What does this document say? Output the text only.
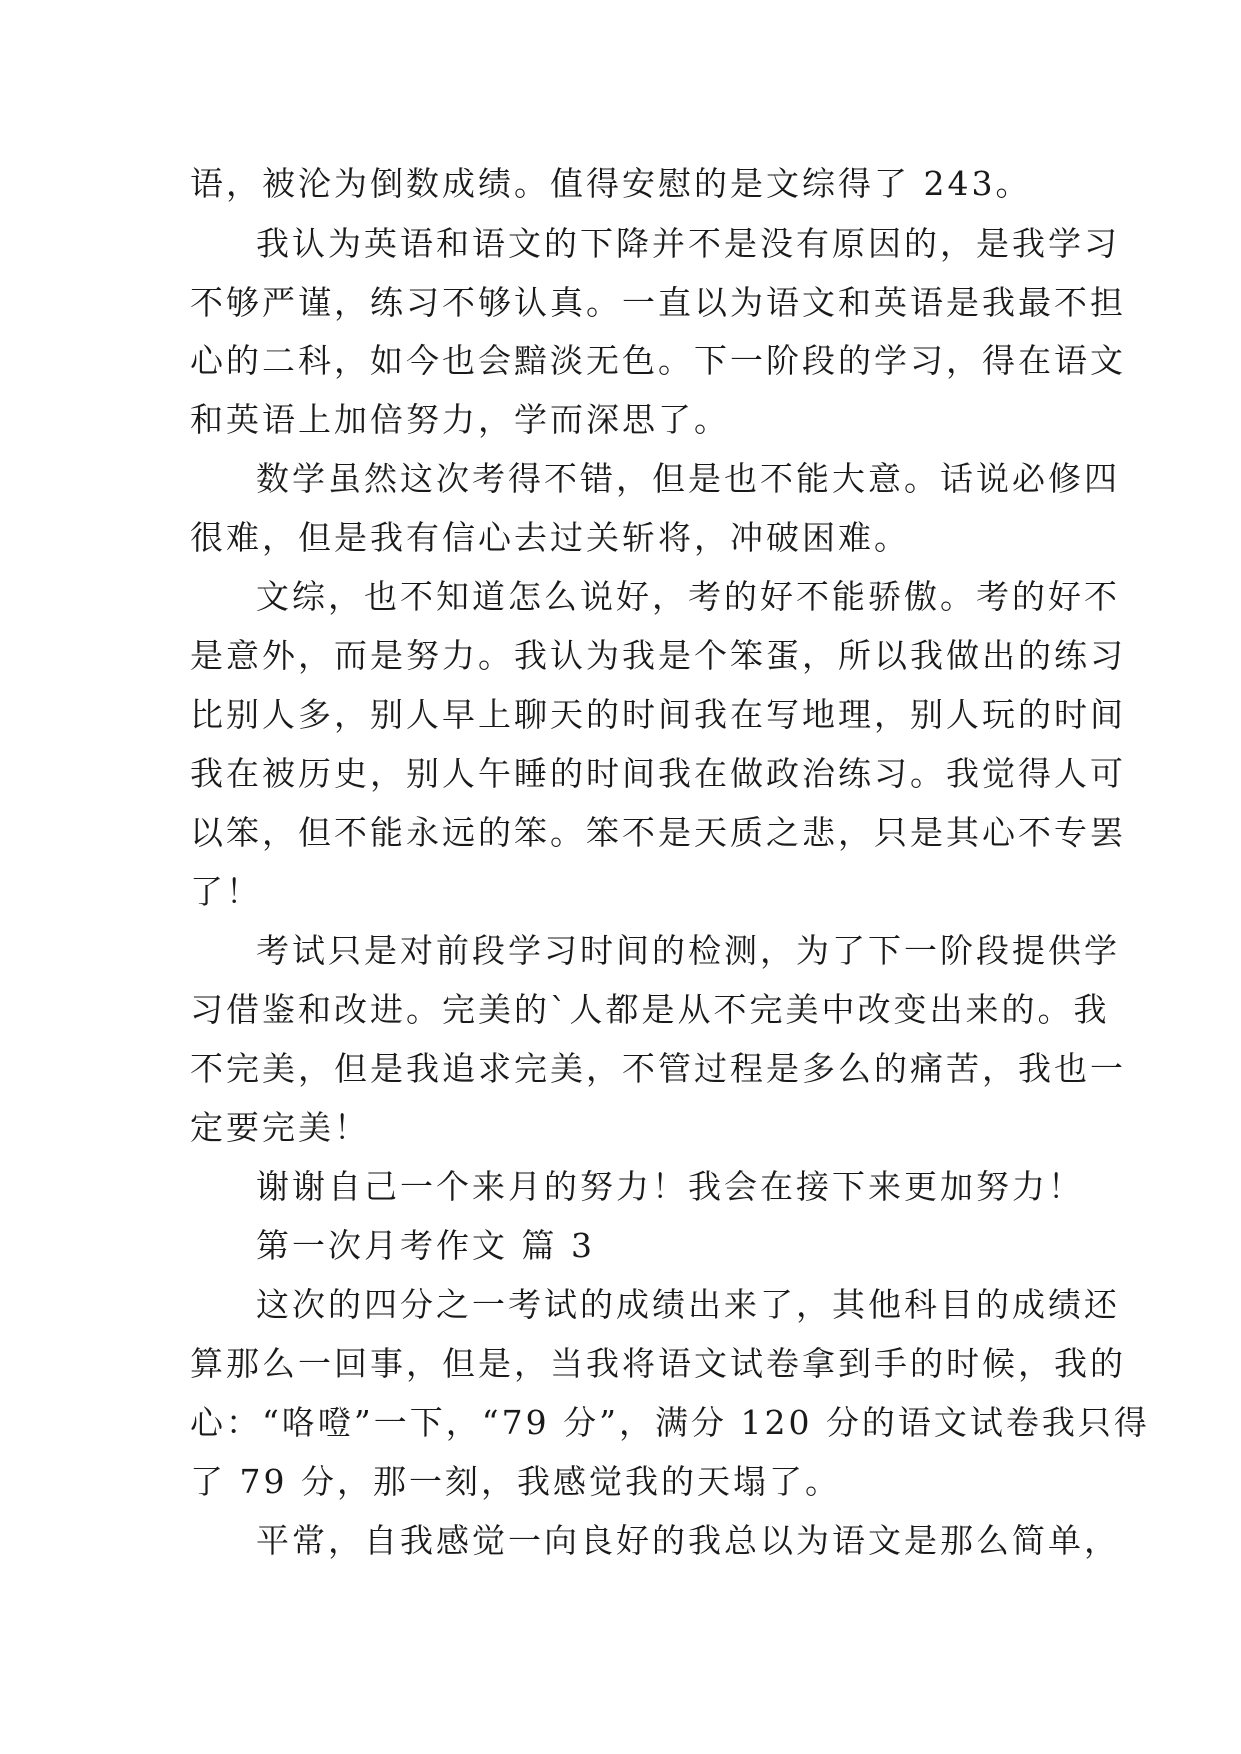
语，被沦为倒数成绩。值得安慰的是文综得了 243。
我认为英语和语文的下降并不是没有原因的，是我学习
不够严谨，练习不够认真。一直以为语文和英语是我最不担
心的二科，如今也会黯淡无色。下一阶段的学习，得在语文
和英语上加倍努力，学而深思了。
数学虽然这次考得不错，但是也不能大意。话说必修四
很难，但是我有信心去过关斩将，冲破困难。
文综，也不知道怎么说好，考的好不能骄傲。考的好不
是意外，而是努力。我认为我是个笨蛋，所以我做出的练习
比别人多，别人早上聊天的时间我在写地理，别人玩的时间
我在被历史，别人午睡的时间我在做政治练习。我觉得人可
以笨，但不能永远的笨。笨不是天质之悲，只是其心不专罢
了！
考试只是对前段学习时间的检测，为了下一阶段提供学
习借鉴和改进。完美的`人都是从不完美中改变出来的。我
不完美，但是我追求完美，不管过程是多么的痛苦，我也一
定要完美！
谢谢自己一个来月的努力！我会在接下来更加努力！
第一次月考作文 篇 3
这次的四分之一考试的成绩出来了，其他科目的成绩还
算那么一回事，但是，当我将语文试卷拿到手的时候，我的
心：“咯噔”一下，“79 分”，满分 120 分的语文试卷我只得
了 79 分，那一刻，我感觉我的天塌了。
平常，自我感觉一向良好的我总以为语文是那么简单，
